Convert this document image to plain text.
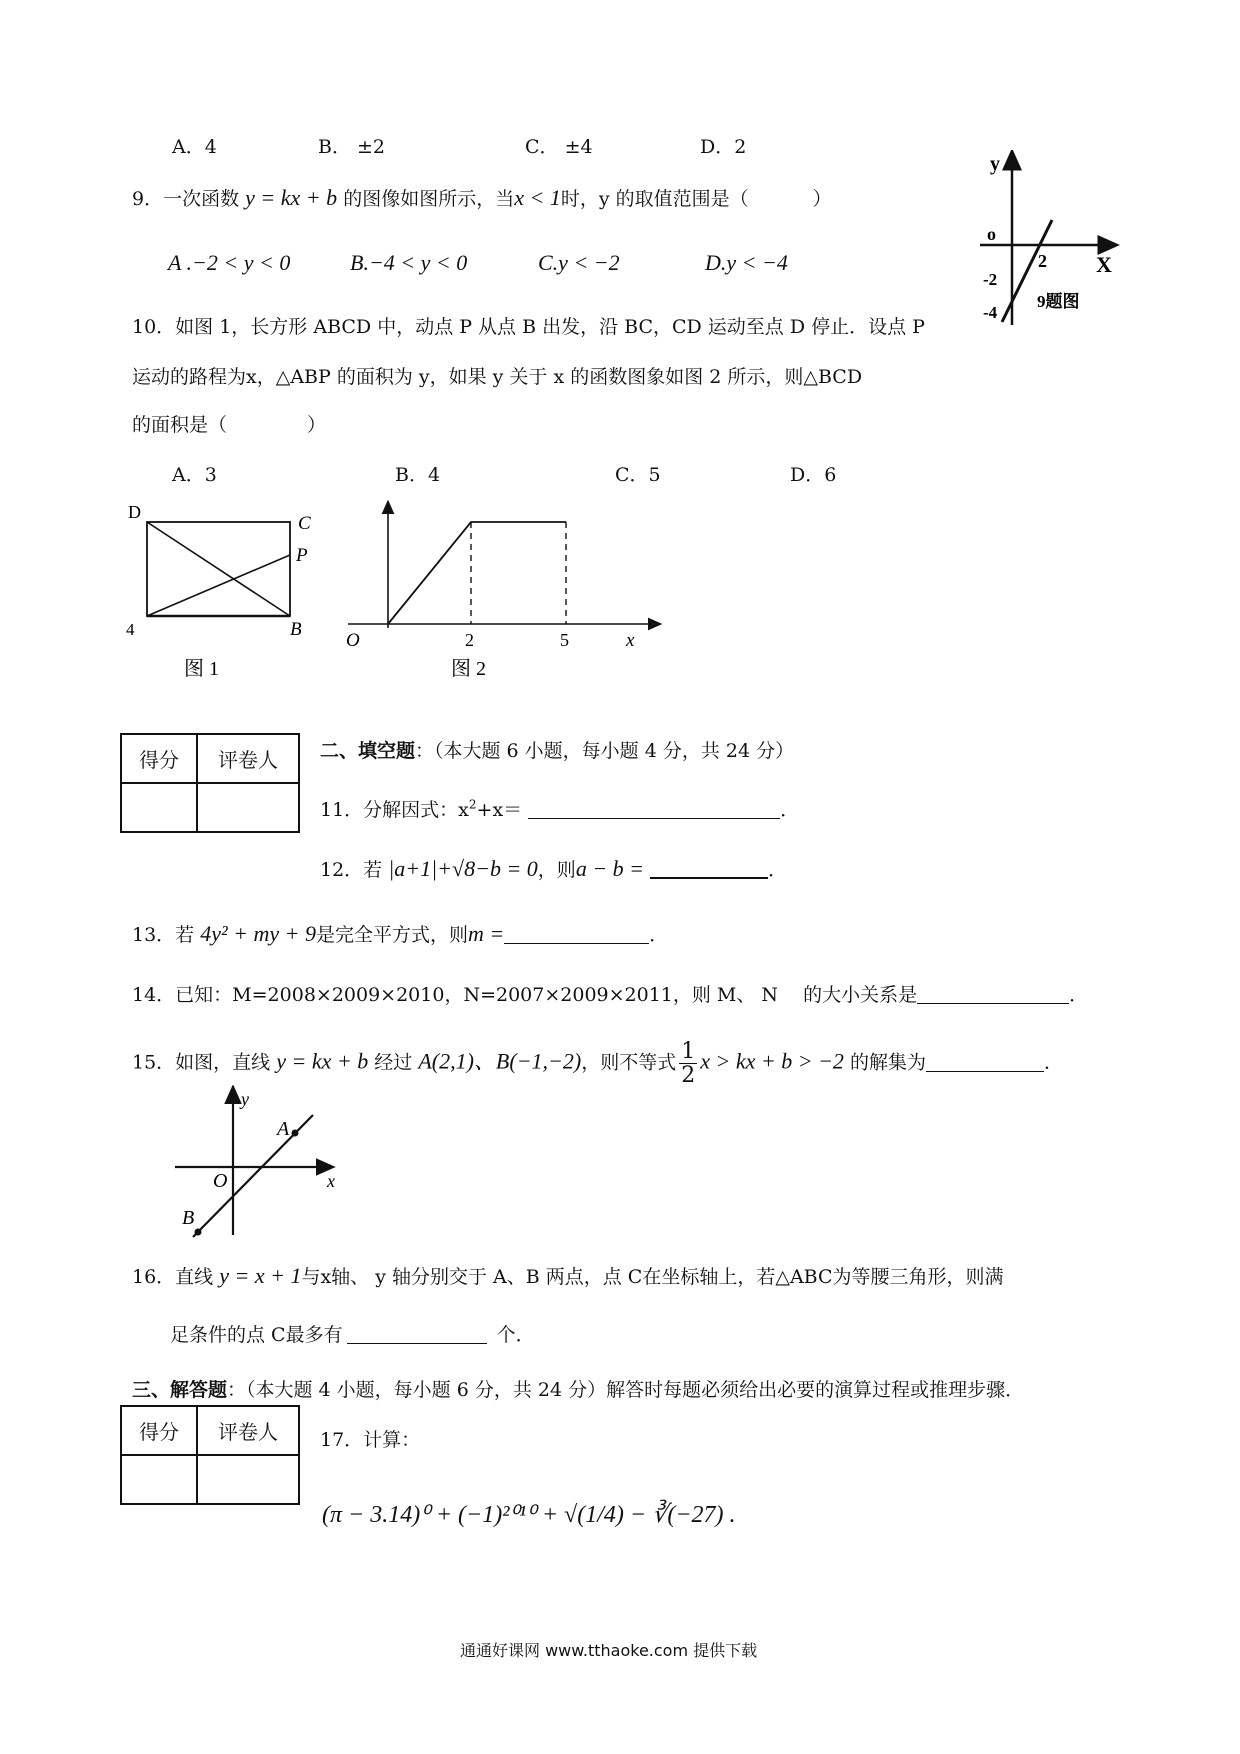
A．4	B． ±2	C． ±4	D．2
9．一次函数 y = kx + b 的图像如图所示，当x < 1时，y 的取值范围是（	）
A .−2 < y < 0	B.−4 < y < 0	C.y < −2	D.y < −4
y
o
2 X
-2
9题图
-4
10．如图 1，长方形 ABCD 中，动点 P 从点 B 出发，沿 BC，CD 运动至点 D 停止．设点 P
运动的路程为x，△ABP 的面积为 y，如果 y 关于 x 的函数图象如图 2 所示，则△BCD
的面积是（	）
A．3	B．4	C．5	D．6
D
C
P
4	B
图 1
O	2	5	x
图 2
得分	评卷人
	二、填空题：（本大题 6 小题，每小题 4 分，共 24 分）
11．分解因式：$x^2+x=$	．
12．若 |a+1|+√8−b = 0，则a − b =	．
13．若 4y² + my + 9是完全平方式，则m =	．
14．已知：M=2008×2009×2010，N=2007×2009×2011，则 M、 N　 的大小关系是	．
15．如图，直线 y = kx + b 经过 A(2,1)、B(−1,−2)，则不等式 $\frac{1}{2}$ x > kx + b > −2 的解集为	．
y
x
O
A
B
16．直线 y = x + 1与x轴、 y 轴分别交于 A、B 两点，点 C在坐标轴上，若△ABC为等腰三角形，则满
足条件的点 C最多有	个．
三、解答题：（本大题 4 小题，每小题 6 分，共 24 分）解答时每题必须给出必要的演算过程或推理步骤．
得分	评卷人
	17．计算：
(π − 3.14)⁰ + (−1)²⁰¹⁰ + √(1/4) − ∛(−27) .
通通好课网 www.tthaoke.com 提供下载
